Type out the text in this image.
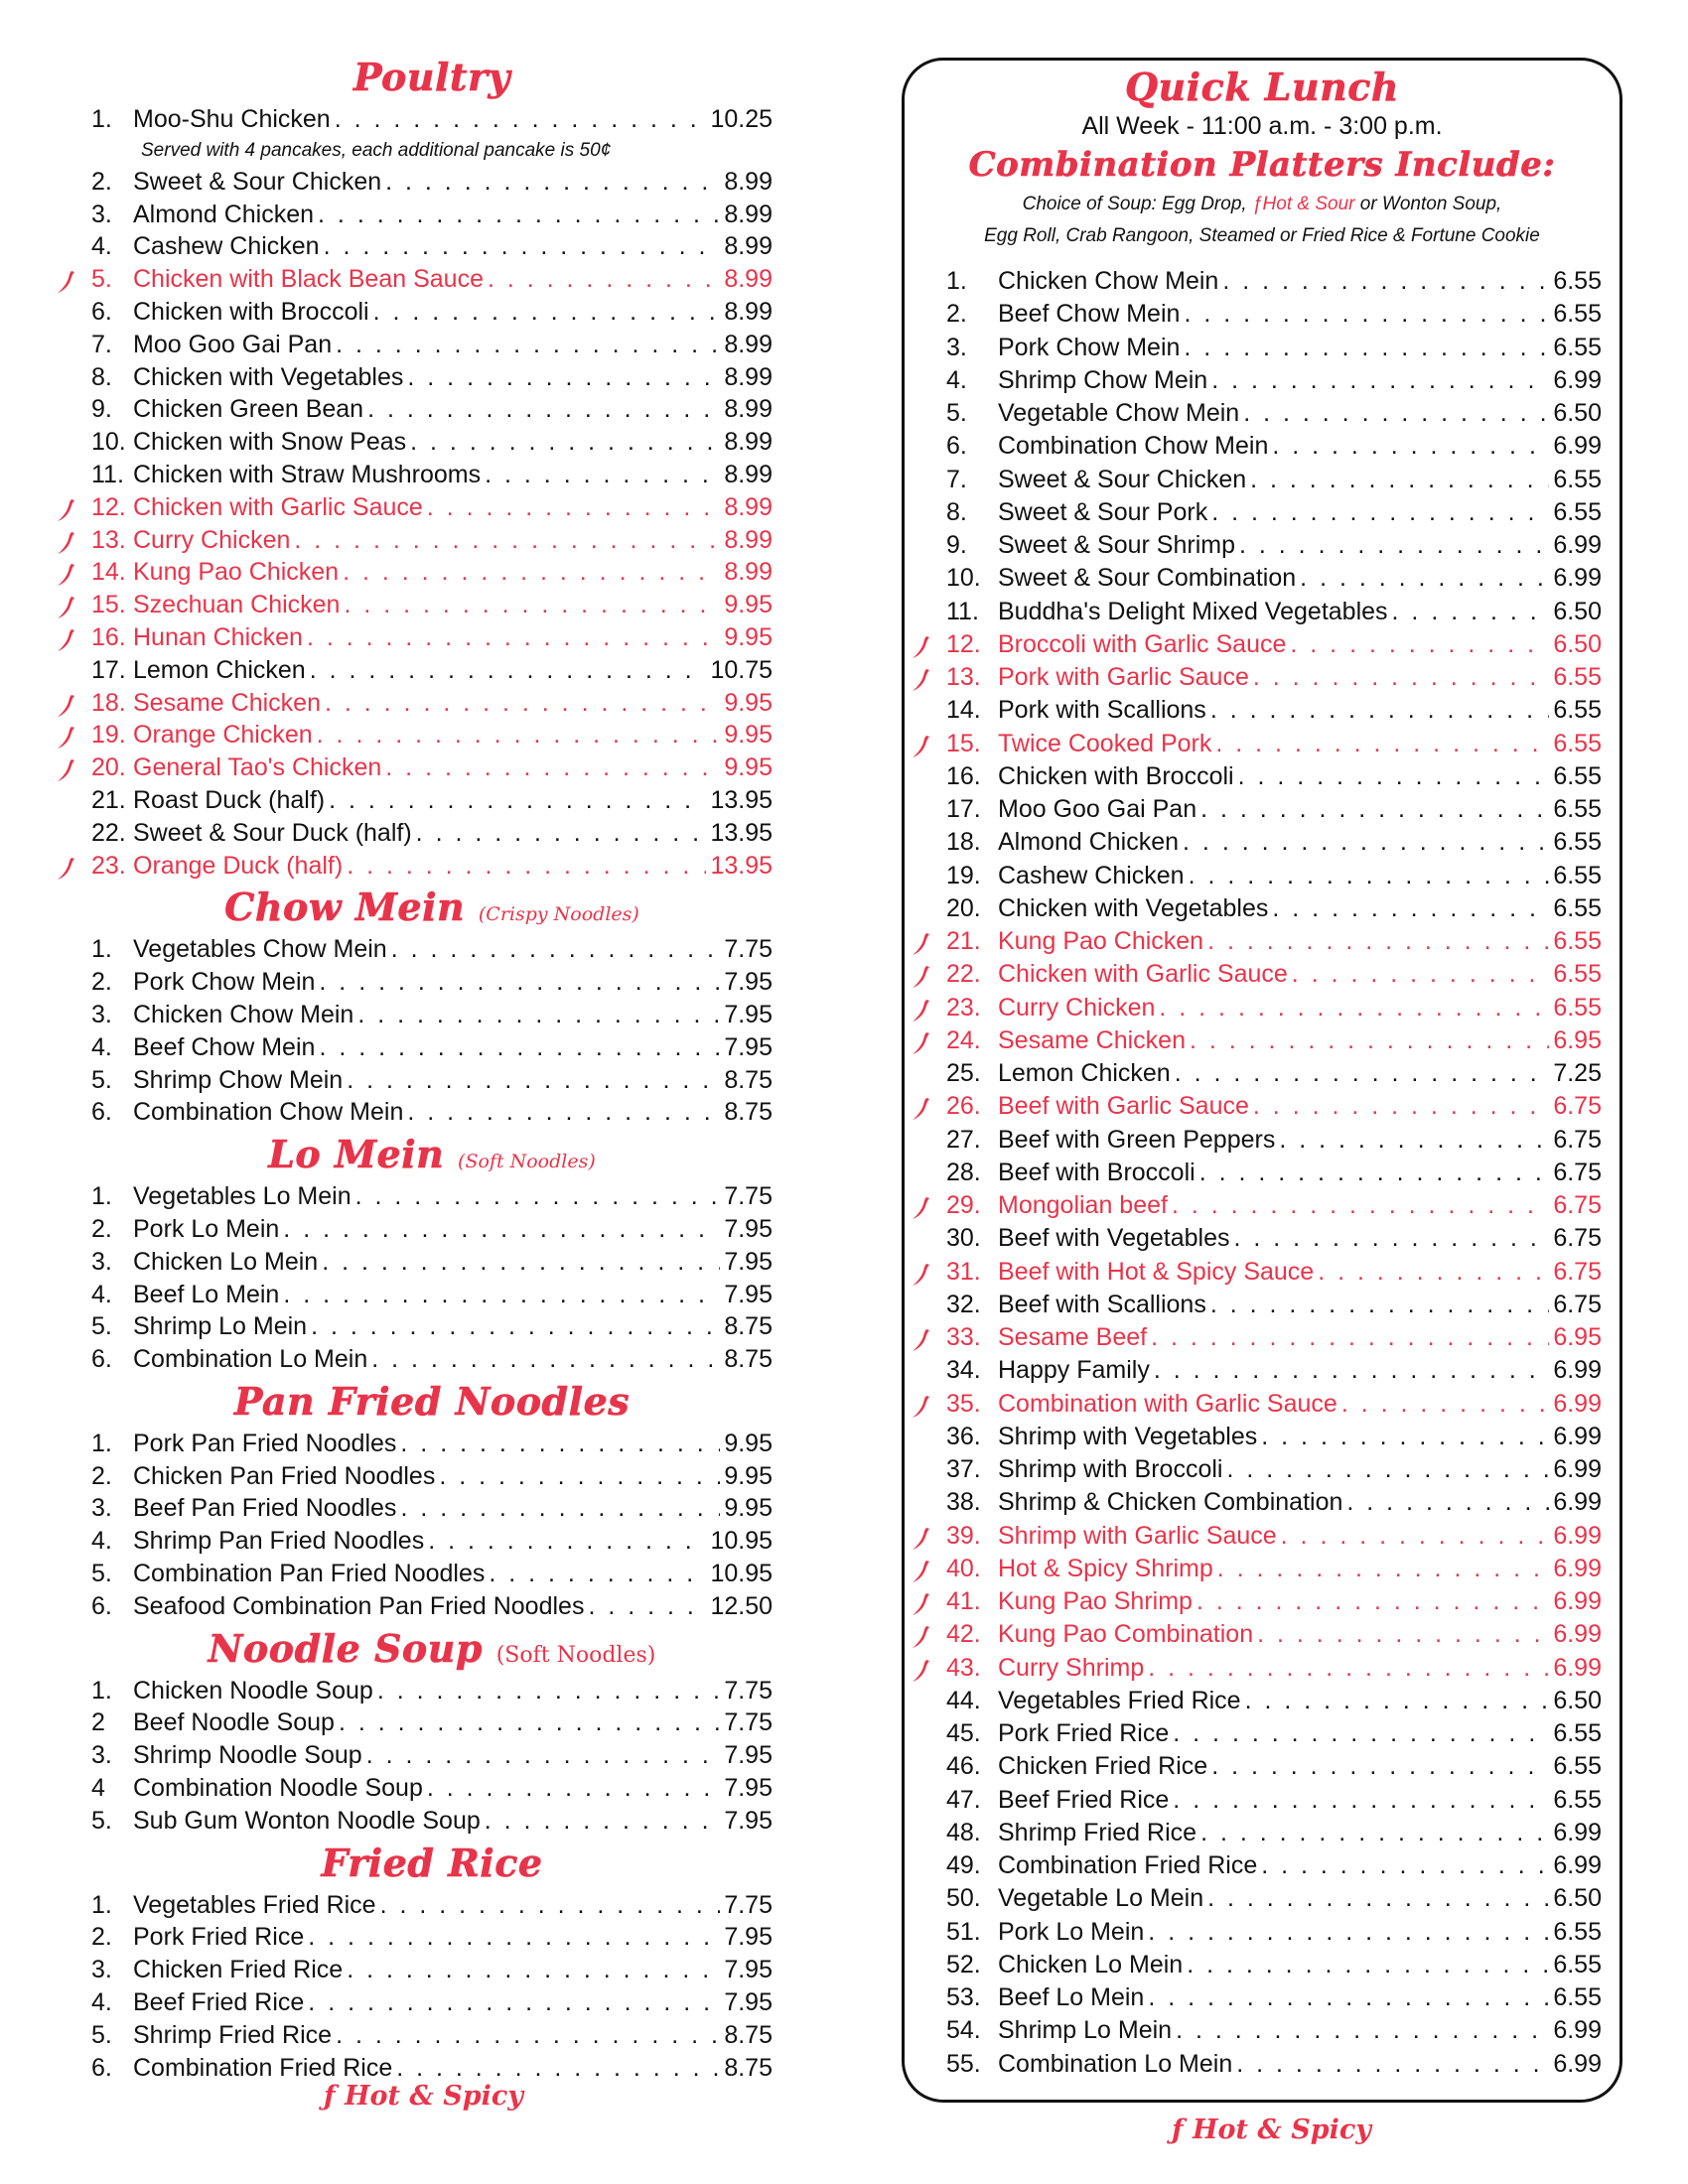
Poultry
1. Moo-Shu Chicken . . .	10.25
Served with 4 pancakes, each additional pancake is 50¢
2. Sweet & Sour Chicken . . .	8.99
3. Almond Chicken . . .	8.99
4. Cashew Chicken . . .	8.99
5. Chicken with Black Bean Sauce . . .	8.99
6. Chicken with Broccoli . . .	8.99
7. Moo Goo Gai Pan . . .	8.99
8. Chicken with Vegetables . . .	8.99
9. Chicken Green Bean . . .	8.99
10. Chicken with Snow Peas . . .	8.99
11. Chicken with Straw Mushrooms . . .	8.99
12. Chicken with Garlic Sauce . . .	8.99
13. Curry Chicken . . .	8.99
14. Kung Pao Chicken . . .	8.99
15. Szechuan Chicken . . .	9.95
16. Hunan Chicken . . .	9.95
17. Lemon Chicken . . .	10.75
18. Sesame Chicken . . .	9.95
19. Orange Chicken . . .	9.95
20. General Tao's Chicken . . .	9.95
21. Roast Duck (half) . . .	13.95
22. Sweet & Sour Duck (half) . . .	13.95
23. Orange Duck (half) . . .	13.95
Chow Mein (Crispy Noodles)
1. Vegetables Chow Mein . . .	7.75
2. Pork Chow Mein . . .	7.95
3. Chicken Chow Mein . . .	7.95
4. Beef Chow Mein . . .	7.95
5. Shrimp Chow Mein . . .	8.75
6. Combination Chow Mein . . .	8.75
Lo Mein (Soft Noodles)
1. Vegetables Lo Mein . . .	7.75
2. Pork Lo Mein . . .	7.95
3. Chicken Lo Mein . . .	7.95
4. Beef Lo Mein . . .	7.95
5. Shrimp Lo Mein . . .	8.75
6. Combination Lo Mein . . .	8.75
Pan Fried Noodles
1. Pork Pan Fried Noodles . . .	9.95
2. Chicken Pan Fried Noodles . . .	9.95
3. Beef Pan Fried Noodles . . .	9.95
4. Shrimp Pan Fried Noodles . . .	10.95
5. Combination Pan Fried Noodles . . .	10.95
6. Seafood Combination Pan Fried Noodles . . .	12.50
Noodle Soup (Soft Noodles)
1. Chicken Noodle Soup . . .	7.75
2	Beef Noodle Soup . . .	7.75
3. Shrimp Noodle Soup . . .	7.95
4	Combination Noodle Soup . . .	7.95
5. Sub Gum Wonton Noodle Soup . . .	7.95
Fried Rice
1. Vegetables Fried Rice . . .	7.75
2. Pork Fried Rice . . .	7.95
3. Chicken Fried Rice . . .	7.95
4. Beef Fried Rice . . .	7.95
5. Shrimp Fried Rice . . .	8.75
6. Combination Fried Rice . . .	8.75
ƒ Hot & Spicy
Quick Lunch
All Week - 11:00 a.m. - 3:00 p.m.
Combination Platters Include:
Choice of Soup: Egg Drop, ƒHot & Sour or Wonton Soup,
Egg Roll, Crab Rangoon, Steamed or Fried Rice & Fortune Cookie
1.	Chicken Chow Mein . . .	6.55
2.	Beef Chow Mein . . .	6.55
3.	Pork Chow Mein . . .	6.55
4.	Shrimp Chow Mein . . .	6.99
5.	Vegetable Chow Mein . . .	6.50
6.	Combination Chow Mein . . .	6.99
7.	Sweet & Sour Chicken . . .	6.55
8.	Sweet & Sour Pork . . .	6.55
9.	Sweet & Sour Shrimp . . .	6.99
10. Sweet & Sour Combination . . .	6.99
11. Buddha's Delight Mixed Vegetables . . .	6.50
12. Broccoli with Garlic Sauce . . .	6.50
13. Pork with Garlic Sauce . . .	6.55
14. Pork with Scallions . . .	6.55
15. Twice Cooked Pork . . .	6.55
16. Chicken with Broccoli . . .	6.55
17. Moo Goo Gai Pan . . .	6.55
18. Almond Chicken . . .	6.55
19. Cashew Chicken . . .	6.55
20. Chicken with Vegetables . . .	6.55
21. Kung Pao Chicken . . .	6.55
22. Chicken with Garlic Sauce . . .	6.55
23. Curry Chicken . . .	6.55
24. Sesame Chicken . . .	6.95
25. Lemon Chicken . . .	7.25
26. Beef with Garlic Sauce . . .	6.75
27. Beef with Green Peppers . . .	6.75
28. Beef with Broccoli . . .	6.75
29. Mongolian beef . . .	6.75
30. Beef with Vegetables . . .	6.75
31. Beef with Hot & Spicy Sauce . . .	6.75
32. Beef with Scallions . . .	6.75
33. Sesame Beef . . .	6.95
34. Happy Family . . .	6.99
35. Combination with Garlic Sauce . . .	6.99
36. Shrimp with Vegetables . . .	6.99
37. Shrimp with Broccoli . . .	6.99
38. Shrimp & Chicken Combination . . .	6.99
39. Shrimp with Garlic Sauce . . .	6.99
40. Hot & Spicy Shrimp . . .	6.99
41. Kung Pao Shrimp . . .	6.99
42. Kung Pao Combination . . .	6.99
43. Curry Shrimp . . .	6.99
44. Vegetables Fried Rice . . .	6.50
45. Pork Fried Rice . . .	6.55
46. Chicken Fried Rice . . .	6.55
47. Beef Fried Rice . . .	6.55
48. Shrimp Fried Rice . . .	6.99
49. Combination Fried Rice . . .	6.99
50. Vegetable Lo Mein . . .	6.50
51. Pork Lo Mein . . .	6.55
52. Chicken Lo Mein . . .	6.55
53. Beef Lo Mein . . .	6.55
54. Shrimp Lo Mein . . .	6.99
55. Combination Lo Mein . . .	6.99
ƒ Hot & Spicy
